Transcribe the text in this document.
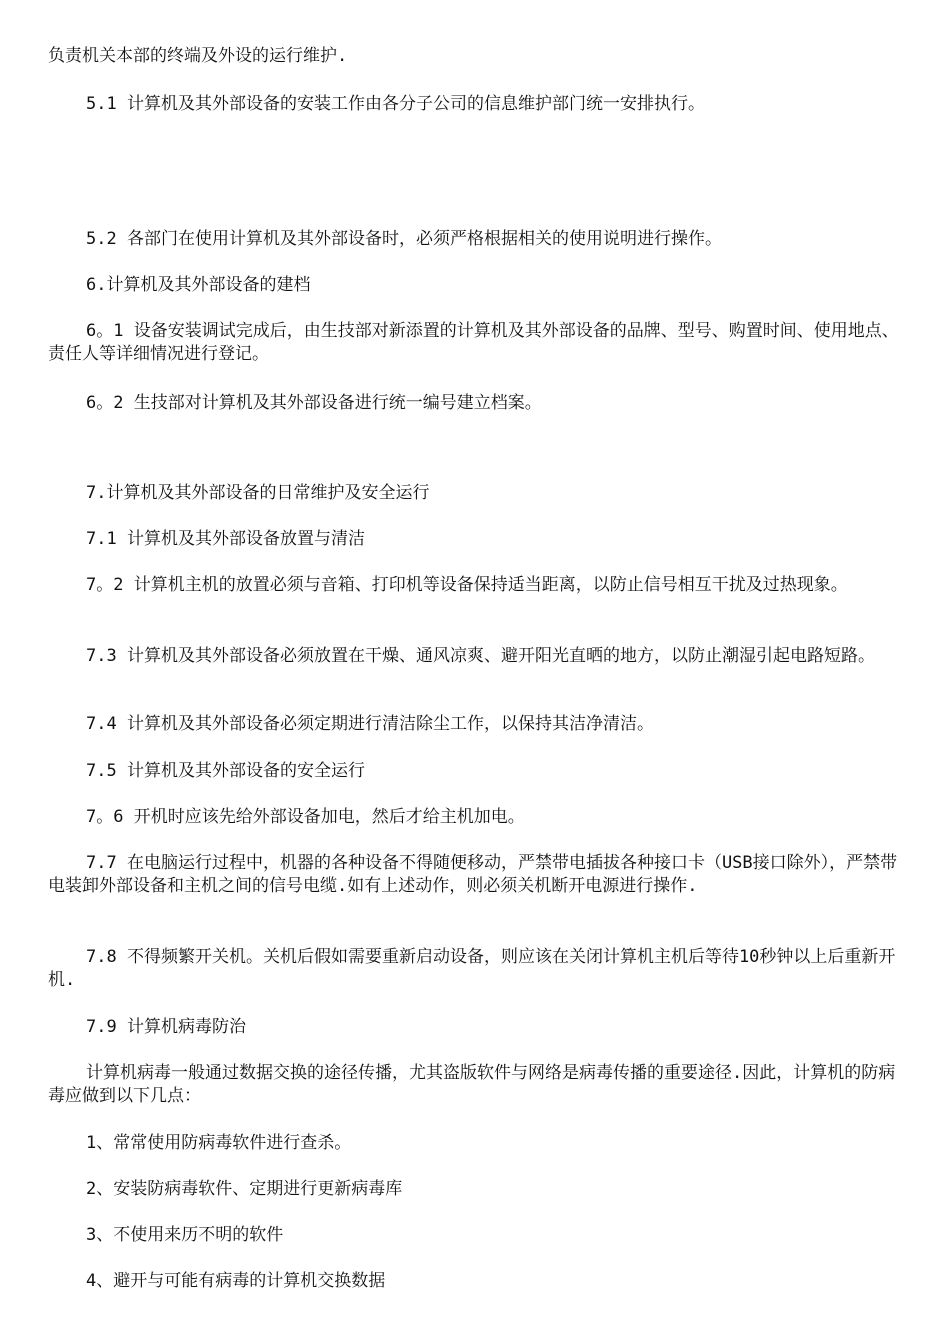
负责机关本部的终端及外设的运行维护.

5.1 计算机及其外部设备的安装工作由各分子公司的信息维护部门统一安排执行。

5.2 各部门在使用计算机及其外部设备时，必须严格根据相关的使用说明进行操作。

6.计算机及其外部设备的建档

6。1 设备安装调试完成后，由生技部对新添置的计算机及其外部设备的品牌、型号、购置时间、使用地点、责任人等详细情况进行登记。

6。2 生技部对计算机及其外部设备进行统一编号建立档案。

7.计算机及其外部设备的日常维护及安全运行

7.1 计算机及其外部设备放置与清洁

7。2 计算机主机的放置必须与音箱、打印机等设备保持适当距离，以防止信号相互干扰及过热现象。

7.3 计算机及其外部设备必须放置在干燥、通风凉爽、避开阳光直晒的地方，以防止潮湿引起电路短路。

7.4 计算机及其外部设备必须定期进行清洁除尘工作，以保持其洁净清洁。

7.5 计算机及其外部设备的安全运行

7。6 开机时应该先给外部设备加电，然后才给主机加电。

7.7 在电脑运行过程中，机器的各种设备不得随便移动，严禁带电插拔各种接口卡（USB接口除外），严禁带电装卸外部设备和主机之间的信号电缆.如有上述动作，则必须关机断开电源进行操作.

7.8 不得频繁开关机。关机后假如需要重新启动设备，则应该在关闭计算机主机后等待10秒钟以上后重新开机.

7.9 计算机病毒防治

计算机病毒一般通过数据交换的途径传播，尤其盗版软件与网络是病毒传播的重要途径.因此，计算机的防病毒应做到以下几点：

1、常常使用防病毒软件进行查杀。

2、安装防病毒软件、定期进行更新病毒库

3、不使用来历不明的软件

4、避开与可能有病毒的计算机交换数据
